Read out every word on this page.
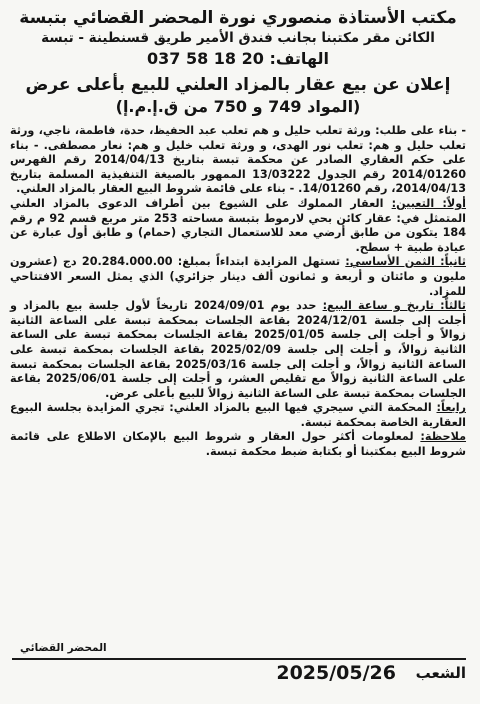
مكتب الأستاذة منصوري نورة المحضر القضائي بتبسة

الكائن مقر مكتبنا بجانب فندق الأمير طريق قسنطينة - تبسة

الهاتف: 037 58 18 20

إعلان عن بيع عقار بالمزاد العلني للبيع بأعلى عرض

(المواد 749 و 750 من ق.إ.م.إ)

- بناء على طلب: ورثة تعلب حليل و هم تعلب عبد الحفيظ، حدة، فاطمة، ناجي، ورثة تعلب حليل و هم: تعلب نور الهدى، و ورثة تعلب خليل و هم: نعار مصطفى. - بناء على حكم العقاري الصادر عن محكمة تبسة بتاريخ 2014/04/13 رقم الفهرس 2014/01260 رقم الجدول 13/03222 الممهور بالصيغة التنفيذية المسلمة بتاريخ 2014/04/13، رقم 14/01260. - بناء على قائمة شروط البيع العقار بالمزاد العلني.

أولاً: التعيين: العقار المملوك على الشيوع بين أطراف الدعوى بالمزاد العلني المتمثل في: عقار كائن بحي لارموط بتبسة مساحته 253 متر مربع قسم 92 م رقم 184 يتكون من طابق أرضي معد للاستعمال التجاري (حمام) و طابق أول عبارة عن عيادة طبية + سطح.

ثانياً: الثمن الأساسي: تستهل المزايدة ابتداءاً بمبلغ: 20.284.000.00 دج (عشرون مليون و مائتان و أربعة و ثمانون ألف دينار جزائري) الذي يمثل السعر الافتتاحي للمزاد.

ثالثاً: تاريخ و ساعة البيع: حدد يوم 2024/09/01 تاريخاً لأول جلسة بيع بالمزاد و أجلت إلى جلسة 2024/12/01 بقاعة الجلسات بمحكمة تبسة على الساعة الثانية زوالاً و أجلت إلى جلسة 2025/01/05 بقاعة الجلسات بمحكمة تبسة على الساعة الثانية زوالاً، و أجلت إلى جلسة 2025/02/09 بقاعة الجلسات بمحكمة تبسة على الساعة الثانية زوالاً، و أجلت إلى جلسة 2025/03/16 بقاعة الجلسات بمحكمة تبسة على الساعة الثانية زوالاً مع تقليص العشر، و أجلت إلى جلسة 2025/06/01 بقاعة الجلسات بمحكمة تبسة على الساعة الثانية زوالاً للبيع بأعلى عرض.

رابعاً: المحكمة التي سيجري فيها البيع بالمزاد العلني: تجري المزايدة بجلسة البيوع العقارية الخاصة بمحكمة تبسة.

ملاحظة: لمعلومات أكثر حول العقار و شروط البيع بالإمكان الاطلاع على قائمة شروط البيع بمكتبنا أو بكتابة ضبط محكمة تبسة.

المحضر القضائي
الشعب
2025/05/26
